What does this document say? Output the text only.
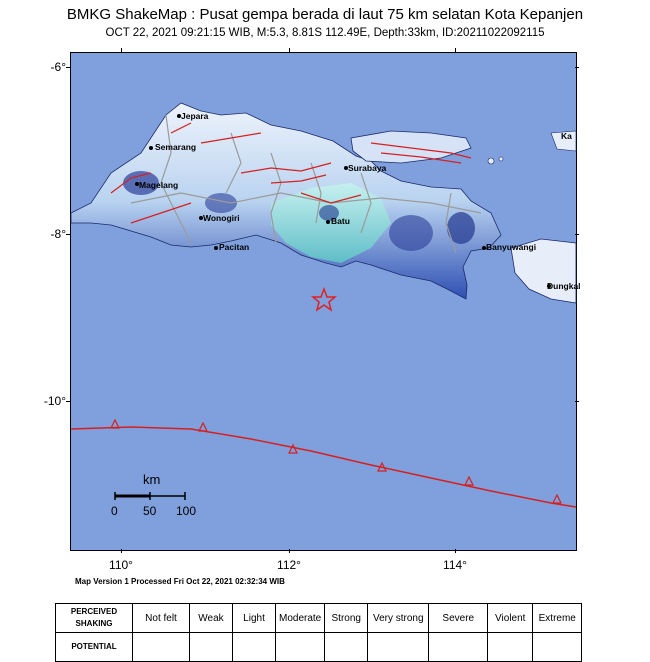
BMKG ShakeMap : Pusat gempa berada di laut 75 km selatan Kota Kepanjen
OCT 22, 2021 09:21:15 WIB, M:5.3, 8.81S 112.49E, Depth:33km, ID:20211022092115
-6°
-8°
-10°
Jepara
Semarang
Magelang
Wonogiri
Pacitan
Surabaya
Batu
Banyuwangi
Dungkal
Ka
km
0 50 100
110°	112°	114°
Map Version 1 Processed Fri Oct 22, 2021 02:32:34 WIB
PERCEIVED SHAKING	Not felt	Weak	Light	Moderate	Strong	Very strong	Severe	Violent	Extreme
POTENTIAL									
